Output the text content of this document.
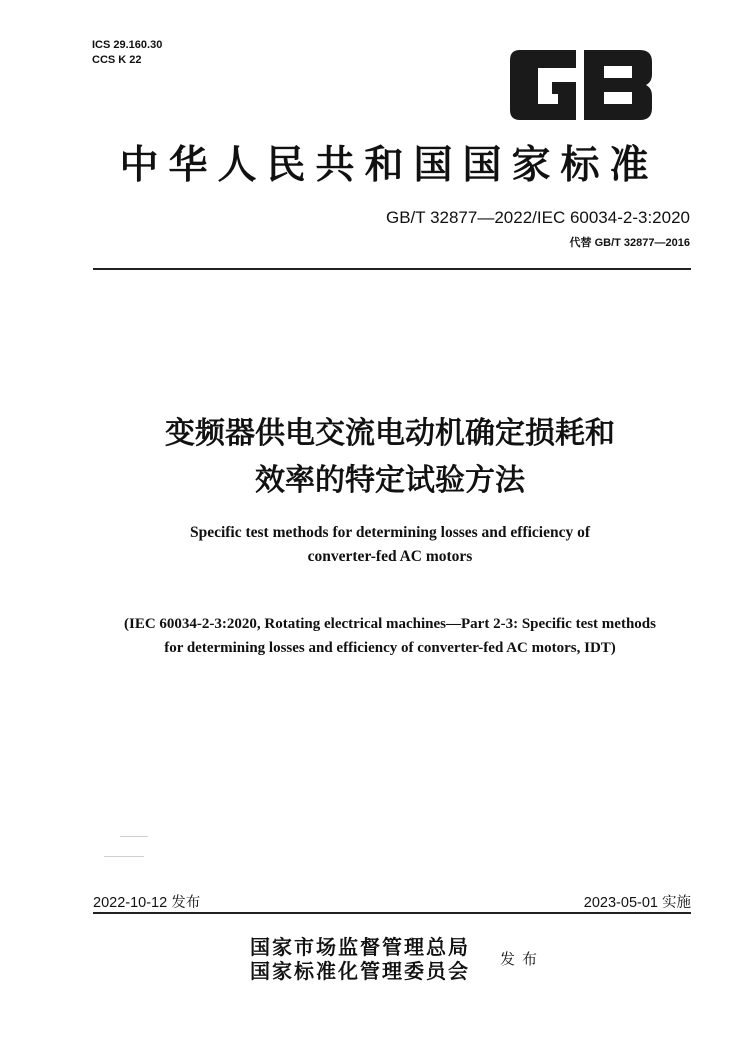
ICS 29.160.30
CCS K 22
中华人民共和国国家标准
GB/T 32877—2022/IEC 60034-2-3:2020
代替 GB/T 32877—2016
变频器供电交流电动机确定损耗和
效率的特定试验方法
Specific test methods for determining losses and efficiency of
converter-fed AC motors
(IEC 60034-2-3:2020, Rotating electrical machines—Part 2-3: Specific test methods
for determining losses and efficiency of converter-fed AC motors, IDT)
2022-10-12 发布	2023-05-01 实施
国家市场监督管理总局
国家标准化管理委员会 发布
